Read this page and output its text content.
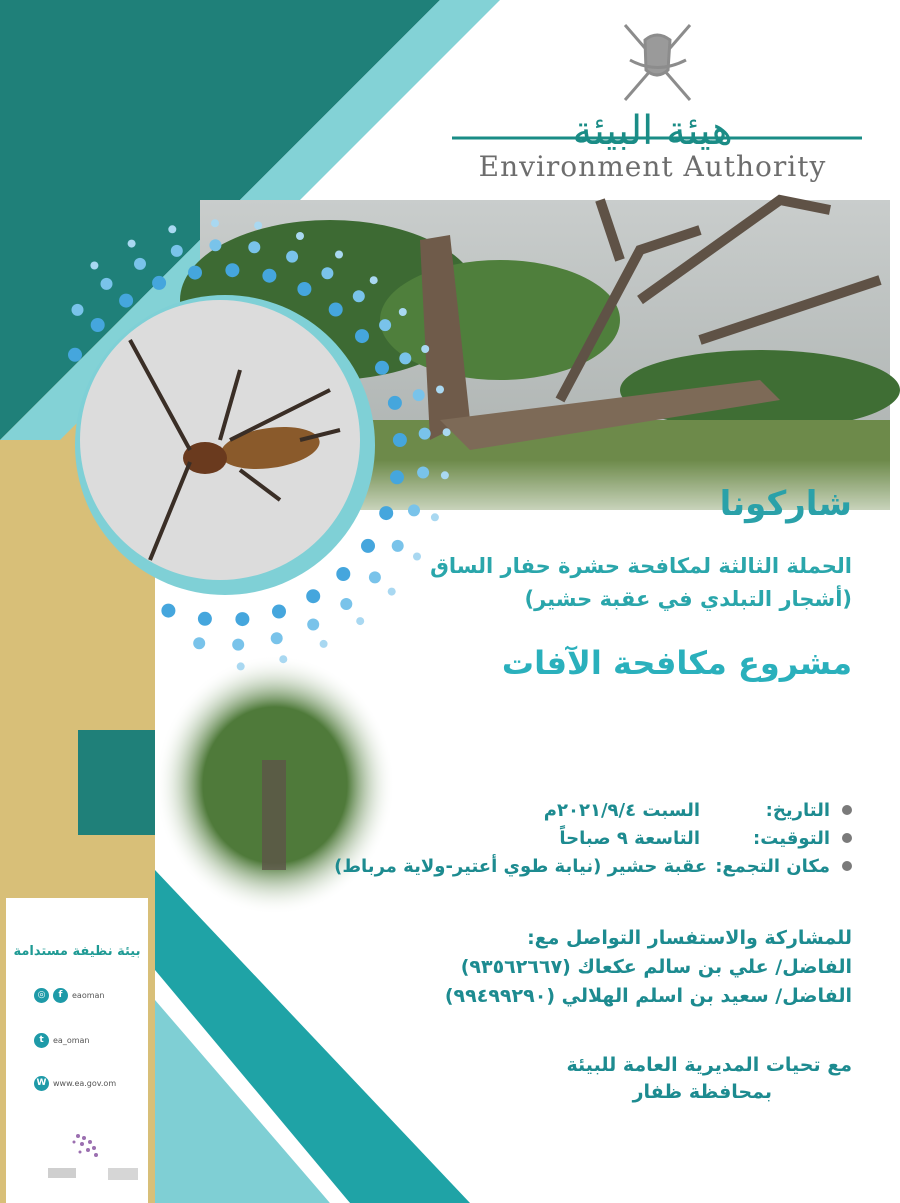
هيئة البيئة
Environment Authority
شاركونا
الحملة الثالثة لمكافحة حشرة حفار الساق
(أشجار التبلدي في عقبة حشير)
مشروع مكافحة الآفات
التاريخ:
السبت ٢٠٢١/٩/٤م
التوقيت:
التاسعة ٩ صباحاً
مكان التجمع:
عقبة حشير (نيابة طوي أعتير-ولاية مرباط)
للمشاركة والاستفسار التواصل مع:
الفاضل/ علي بن سالم عكعاك (٩٣٥٦٢٦٦٧)
الفاضل/ سعيد بن اسلم الهلالي (٩٩٤٩٩٢٩٠)
مع تحيات المديرية العامة للبيئة
بمحافظة ظفار
بيئة نظيفة مستدامة
◎	f	eaoman
t	ea_oman
W www.ea.gov.om
